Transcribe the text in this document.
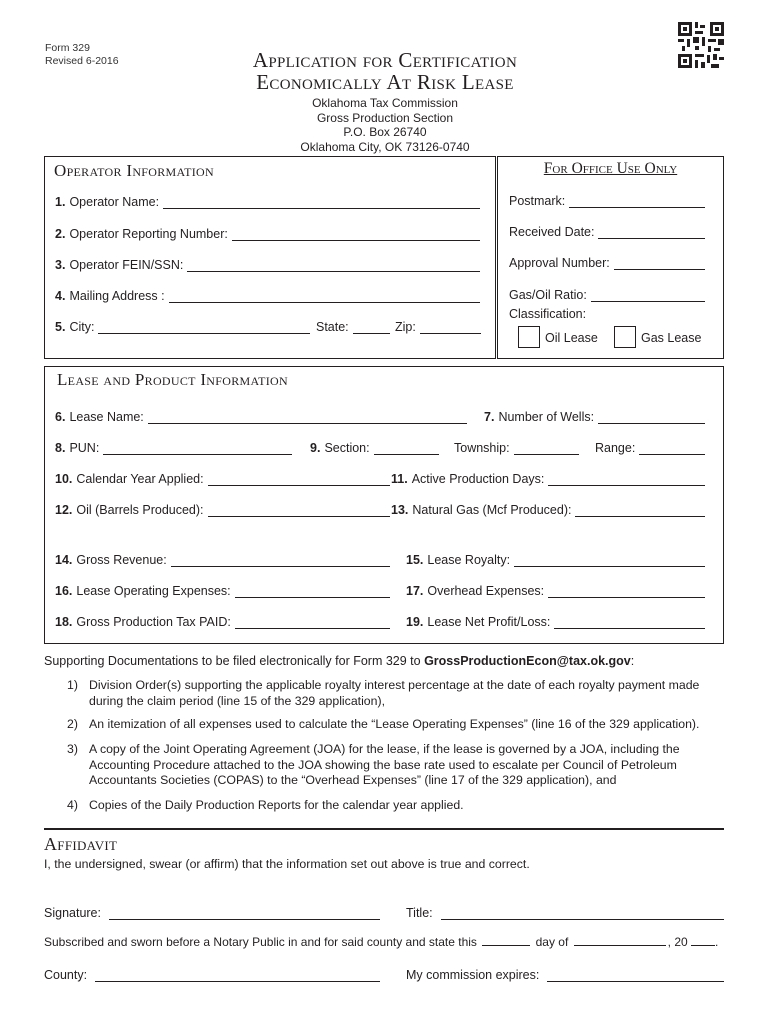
Form 329
Revised 6-2016	Application for Certification
Economically At Risk Lease
Oklahoma Tax Commission
Gross Production Section
P.O. Box 26740
Oklahoma City, OK 73126-0740
Operator Information
1. Operator Name:
2. Operator Reporting Number:
3. Operator FEIN/SSN:
4. Mailing Address :
5. City:	State:	Zip:
For Office Use Only
Postmark:
Received Date:
Approval Number:
Gas/Oil Ratio:
Classification:
Oil Lease	Gas Lease
Lease and Product Information
6. Lease Name:	7. Number of Wells:
8. PUN:	9. Section:	Township:	Range:
10. Calendar Year Applied:	11. Active Production Days:
12. Oil (Barrels Produced):	13. Natural Gas (Mcf Produced):
14. Gross Revenue:	15. Lease Royalty:
16. Lease Operating Expenses:	17. Overhead Expenses:
18. Gross Production Tax PAID:	19. Lease Net Profit/Loss:
Supporting Documentations to be filed electronically for Form 329 to GrossProductionEcon@tax.ok.gov:
1) Division Order(s) supporting the applicable royalty interest percentage at the date of each royalty payment made
during the claim period (line 15 of the 329 application),
2) An itemization of all expenses used to calculate the “Lease Operating Expenses” (line 16 of the 329 application).
3) A copy of the Joint Operating Agreement (JOA) for the lease, if the lease is governed by a JOA, including the
Accounting Procedure attached to the JOA showing the base rate used to escalate per Council of Petroleum
Accountants Societies (COPAS) to the “Overhead Expenses” (line 17 of the 329 application), and
4) Copies of the Daily Production Reports for the calendar year applied.
Affidavit
I, the undersigned, swear (or affirm) that the information set out above is true and correct.
Signature:	Title:
Subscribed and sworn before a Notary Public in and for said county and state this	day of	, 20 .
County:	My commission expires:
